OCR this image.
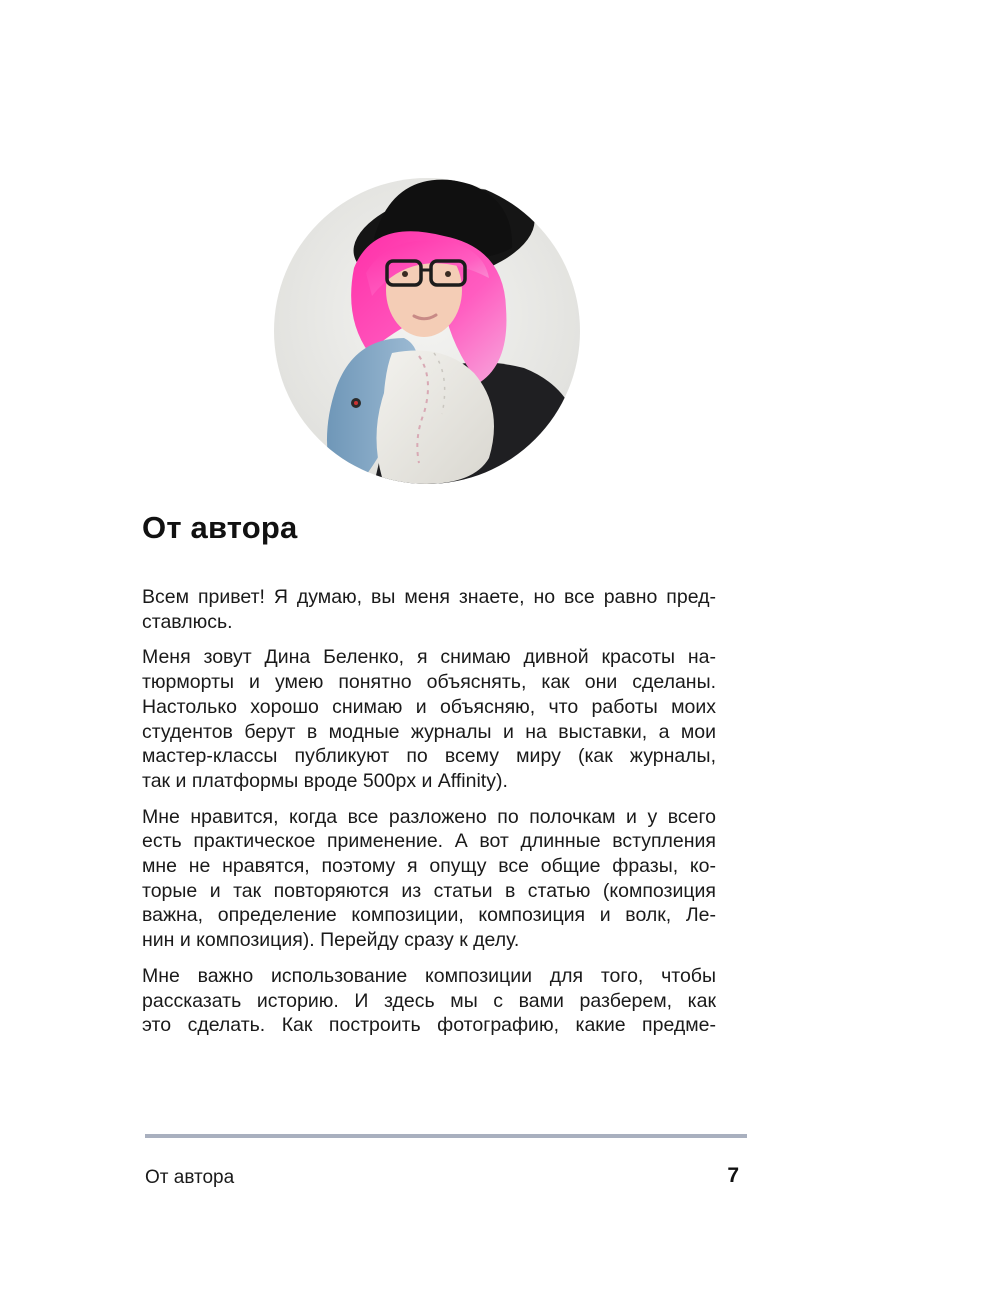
От автора

Всем привет! Я думаю, вы меня знаете, но все равно пред-
ставлюсь.

Меня зовут Дина Беленко, я снимаю дивной красоты на-
тюрморты и умею понятно объяснять, как они сделаны.
Настолько хорошо снимаю и объясняю, что работы моих
студентов берут в модные журналы и на выставки, а мои
мастер-классы публикуют по всему миру (как журналы,
так и платформы вроде 500px и Affinity).

Мне нравится, когда все разложено по полочкам и у всего
есть практическое применение. А вот длинные вступления
мне не нравятся, поэтому я опущу все общие фразы, ко-
торые и так повторяются из статьи в статью (композиция
важна, определение композиции, композиция и волк, Ле-
нин и композиция). Перейду сразу к делу.

Мне важно использование композиции для того, чтобы
рассказать историю. И здесь мы с вами разберем, как
это сделать. Как построить фотографию, какие предме-

От автора	7
